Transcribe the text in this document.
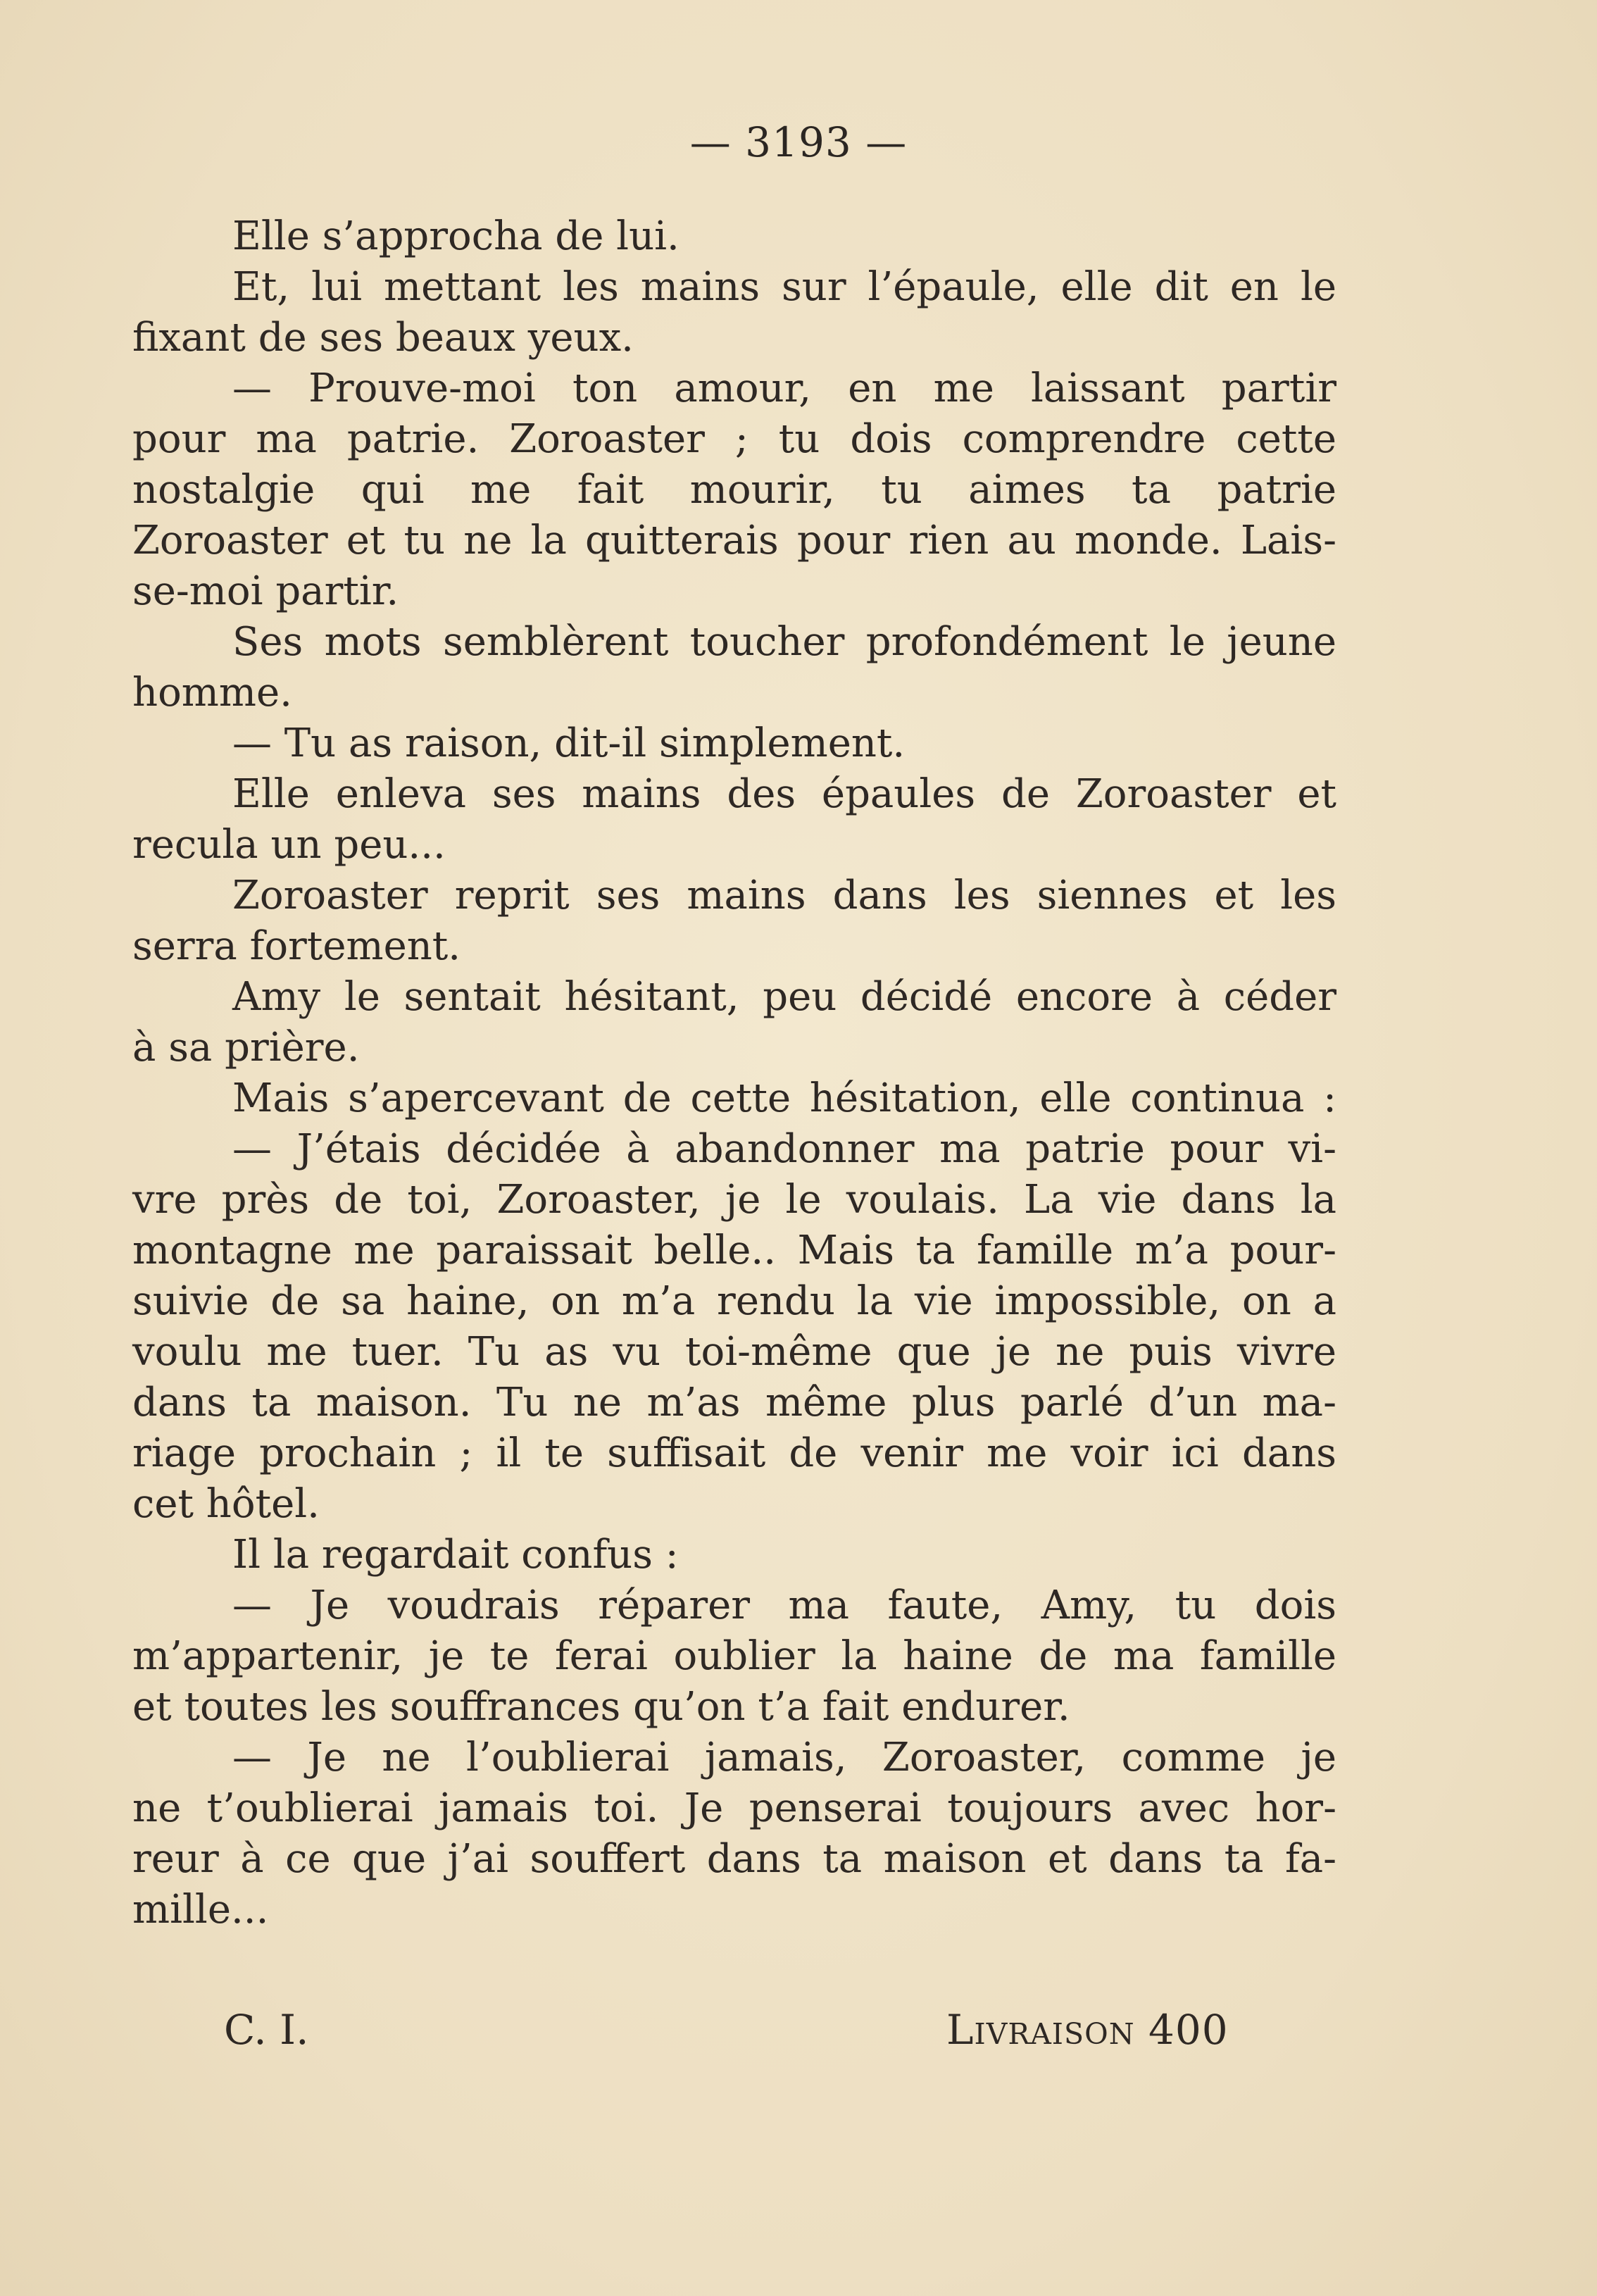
— 3193 —
Elle s’approcha de lui.
Et, lui mettant les mains sur l’épaule, elle dit en le
fixant de ses beaux yeux.
— Prouve-moi ton amour, en me laissant partir
pour ma patrie. Zoroaster ; tu dois comprendre cette
nostalgie qui me fait mourir, tu aimes ta patrie
Zoroaster et tu ne la quitterais pour rien au monde. Lais-
se-moi partir.
Ses mots semblèrent toucher profondément le jeune
homme.
— Tu as raison, dit-il simplement.
Elle enleva ses mains des épaules de Zoroaster et
recula un peu...
Zoroaster reprit ses mains dans les siennes et les
serra fortement.
Amy le sentait hésitant, peu décidé encore à céder
à sa prière.
Mais s’apercevant de cette hésitation, elle continua :
— J’étais décidée à abandonner ma patrie pour vi-
vre près de toi, Zoroaster, je le voulais. La vie dans la
montagne me paraissait belle.. Mais ta famille m’a pour-
suivie de sa haine, on m’a rendu la vie impossible, on a
voulu me tuer. Tu as vu toi-même que je ne puis vivre
dans ta maison. Tu ne m’as même plus parlé d’un ma-
riage prochain ; il te suffisait de venir me voir ici dans
cet hôtel.
Il la regardait confus :
— Je voudrais réparer ma faute, Amy, tu dois
m’appartenir, je te ferai oublier la haine de ma famille
et toutes les souffrances qu’on t’a fait endurer.
— Je ne l’oublierai jamais, Zoroaster, comme je
ne t’oublierai jamais toi. Je penserai toujours avec hor-
reur à ce que j’ai souffert dans ta maison et dans ta fa-
mille...
C. I.	Livraison 400
